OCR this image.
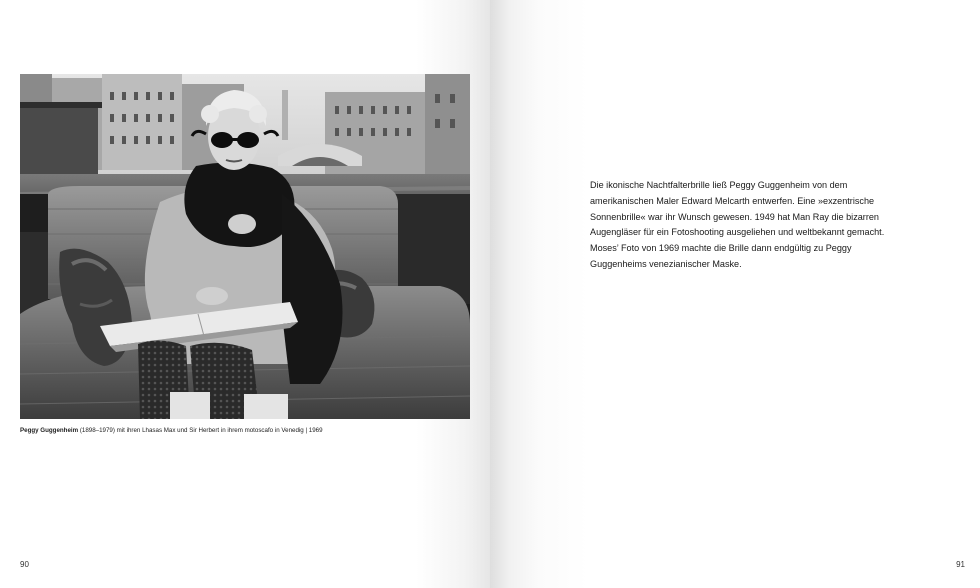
Peggy Guggenheim (1898–1979) mit ihren Lhasas Max und Sir Herbert in ihrem motoscafo in Venedig | 1969
90

Die ikonische Nachtfalterbrille ließ Peggy Guggenheim von dem

amerikanischen Maler Edward Melcarth entwerfen. Eine »exzentrische

Sonnenbrille« war ihr Wunsch gewesen. 1949 hat Man Ray die bizarren

Augengläser für ein Fotoshooting ausgeliehen und weltbekannt gemacht.

Moses’ Foto von 1969 machte die Brille dann endgültig zu Peggy

Guggenheims venezianischer Maske.

91
